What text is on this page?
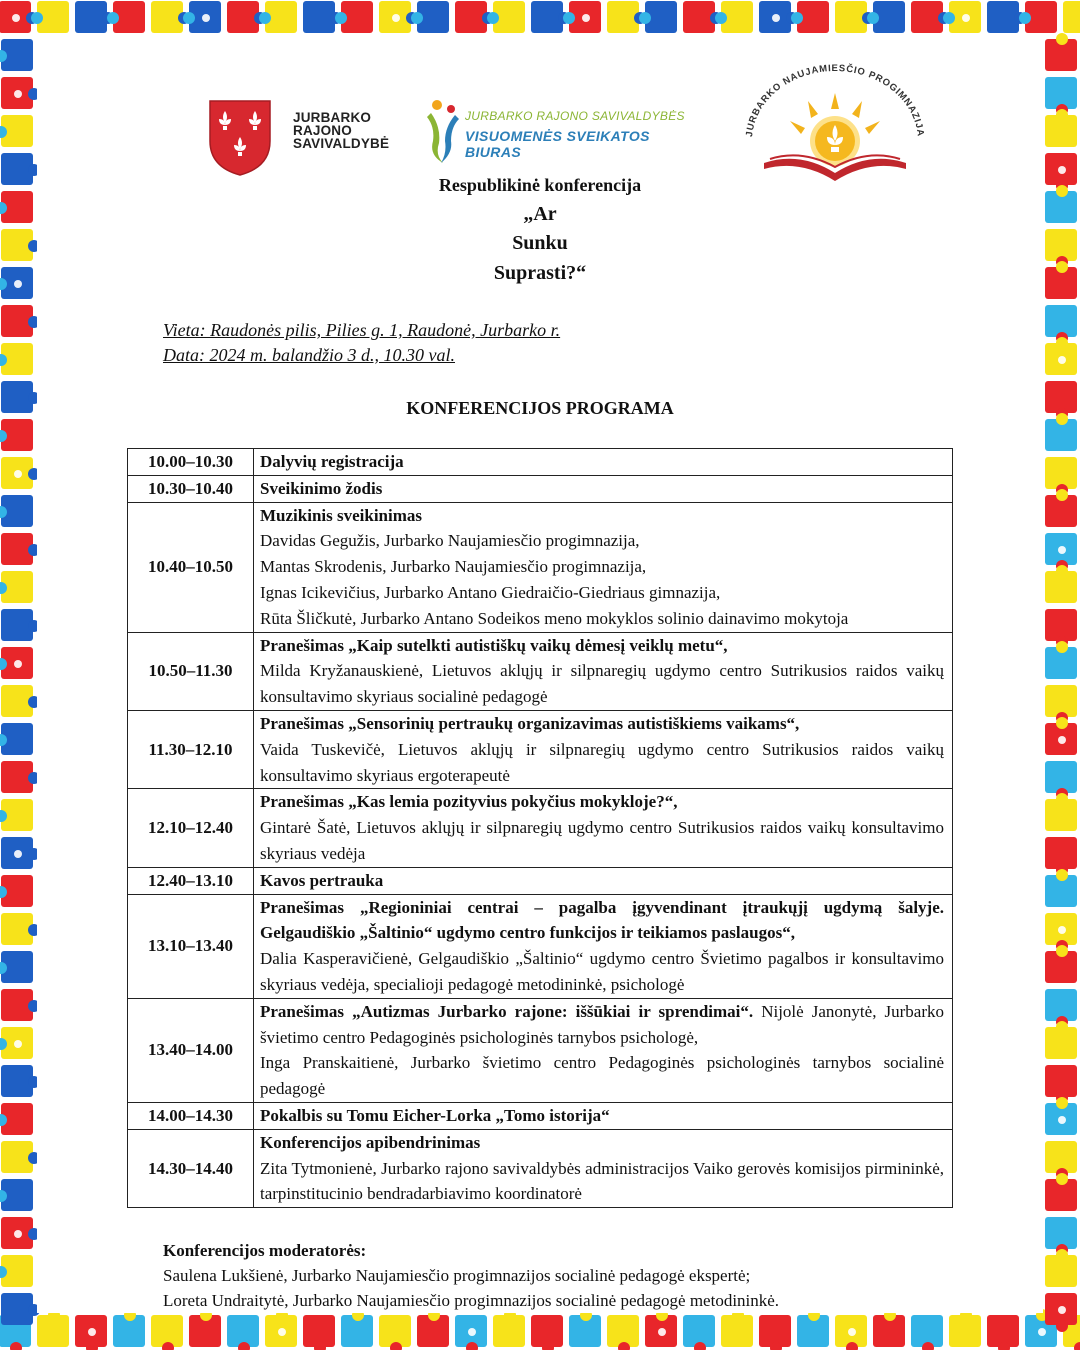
JURBARKO
RAJONO
SAVIVALDYBĖ
JURBARKO RAJONO SAVIVALDYBĖS
VISUOMENĖS SVEIKATOS BIURAS
JURBARKO NAUJAMIESČIO PROGIMNAZIJA
Respublikinė konferencija
„Ar
Sunku
Suprasti?“
Vieta: Raudonės pilis, Pilies g. 1, Raudonė, Jurbarko r.
Data: 2024 m. balandžio 3 d., 10.30 val.
KONFERENCIJOS PROGRAMA
10.00–10.30	Dalyvių registracija

10.30–10.40	Sveikinimo žodis

10.40–10.50	Muzikinis sveikinimas
Davidas Gegužis, Jurbarko Naujamiesčio progimnazija,
Mantas Skrodenis, Jurbarko Naujamiesčio progimnazija,
Ignas Icikevičius, Jurbarko Antano Giedraičio-Giedriaus gimnazija,
Rūta Šličkutė, Jurbarko Antano Sodeikos meno mokyklos solinio dainavimo mokytoja

10.50–11.30	Pranešimas „Kaip sutelkti autistiškų vaikų dėmesį veiklų metu“,
Milda Kryžanauskienė, Lietuvos aklųjų ir silpnaregių ugdymo centro Sutrikusios raidos vaikų konsultavimo skyriaus socialinė pedagogė

11.30–12.10	Pranešimas „Sensorinių pertraukų organizavimas autistiškiems vaikams“,
Vaida Tuskevičė, Lietuvos aklųjų ir silpnaregių ugdymo centro Sutrikusios raidos vaikų konsultavimo skyriaus ergoterapeutė

12.10–12.40	Pranešimas „Kas lemia pozityvius pokyčius mokykloje?“,
Gintarė Šatė, Lietuvos aklųjų ir silpnaregių ugdymo centro Sutrikusios raidos vaikų konsultavimo skyriaus vedėja

12.40–13.10	Kavos pertrauka

13.10–13.40	Pranešimas „Regioniniai centrai – pagalba įgyvendinant įtraukųjį ugdymą šalyje. Gelgaudiškio „Šaltinio“ ugdymo centro funkcijos ir teikiamos paslaugos“,
Dalia Kasperavičienė, Gelgaudiškio „Šaltinio“ ugdymo centro Švietimo pagalbos ir konsultavimo skyriaus vedėja, specialioji pedagogė metodininkė, psichologė

13.40–14.00	Pranešimas „Autizmas Jurbarko rajone: iššūkiai ir sprendimai“. Nijolė Janonytė, Jurbarko švietimo centro Pedagoginės psichologinės tarnybos psichologė,
Inga Pranskaitienė, Jurbarko švietimo centro Pedagoginės psichologinės tarnybos socialinė pedagogė

14.00–14.30	Pokalbis su Tomu Eicher-Lorka „Tomo istorija“

14.30–14.40	Konferencijos apibendrinimas
Zita Tytmonienė, Jurbarko rajono savivaldybės administracijos Vaiko gerovės komisijos pirmininkė, tarpinstitucinio bendradarbiavimo koordinatorė
Konferencijos moderatorės:
Saulena Lukšienė, Jurbarko Naujamiesčio progimnazijos socialinė pedagogė ekspertė;
Loreta Undraitytė, Jurbarko Naujamiesčio progimnazijos socialinė pedagogė metodininkė.
